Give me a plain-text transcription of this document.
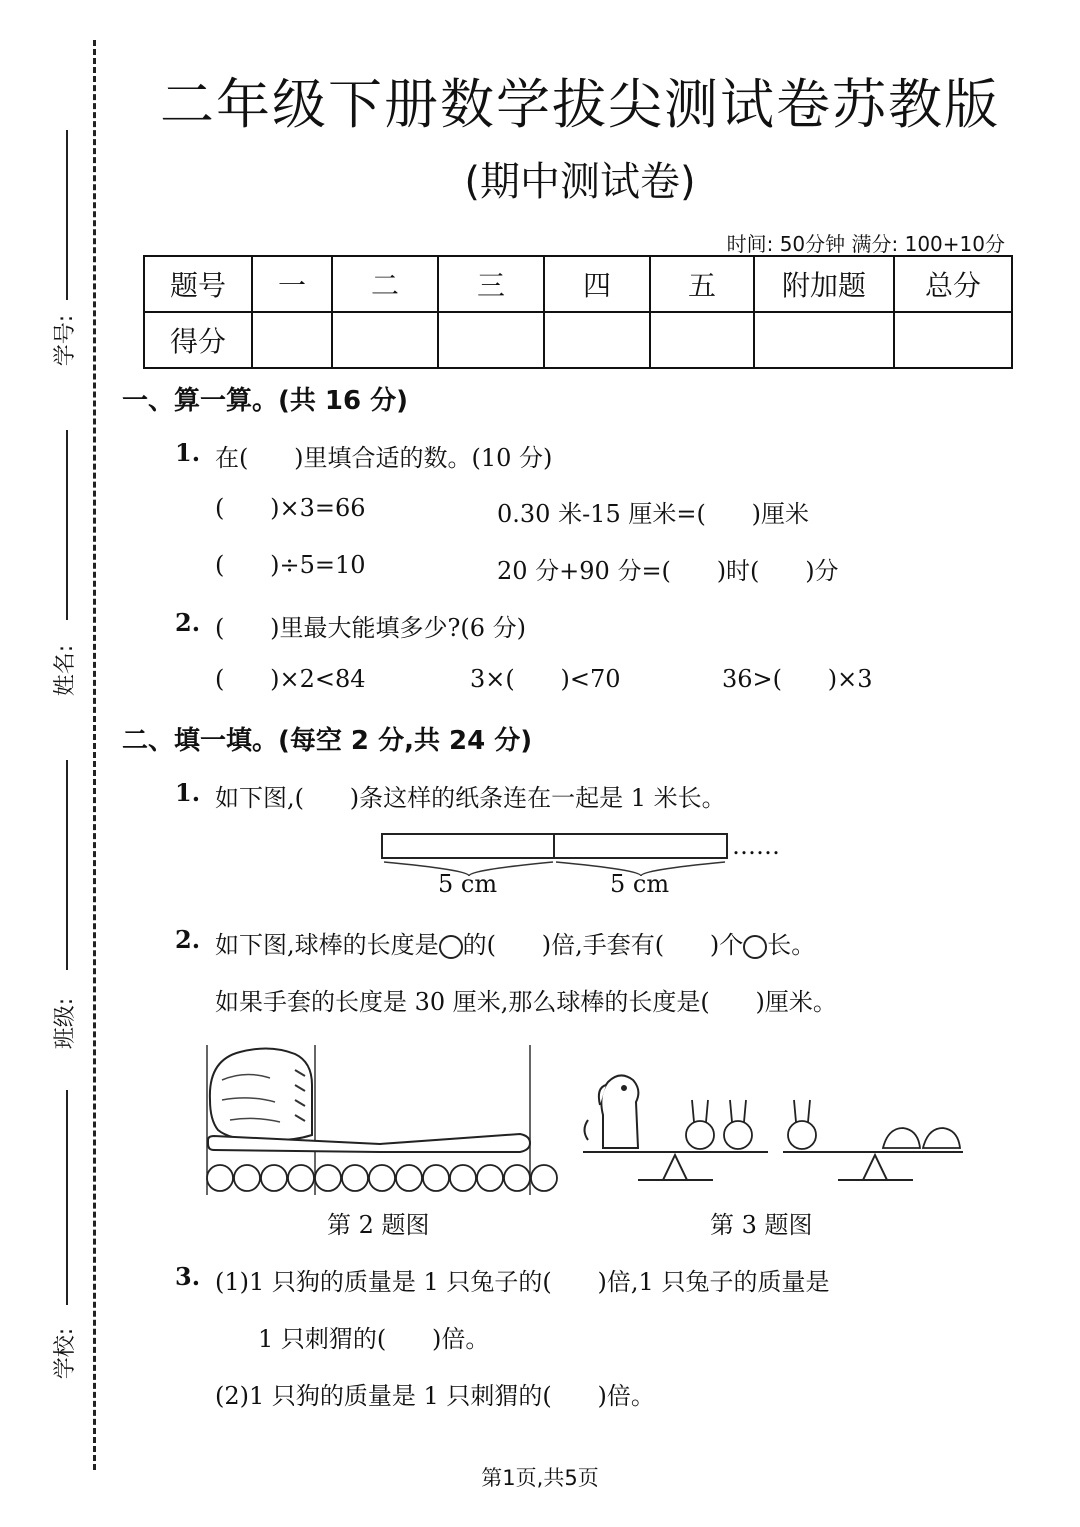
学号:
姓名:
班级:
学校:
二年级下册数学拔尖测试卷苏教版
(期中测试卷)
时间: 50分钟 满分: 100+10分
题号	一	二	三	四	五	附加题	总分
得分							
一、算一算。(共 16 分)
1. 在(      )里填合适的数。(10 分)
(      )×3=66	0.30 米-15 厘米=(      )厘米
(      )÷5=10	20 分+90 分=(      )时(      )分
2. (      )里最大能填多少?(6 分)
(      )×2<84	3×(      )<70	36>(      )×3
二、填一填。(每空 2 分,共 24 分)
1. 如下图,(      )条这样的纸条连在一起是 1 米长。
……
5 cm	5 cm
2. 如下图,球棒的长度是 的(      )倍,手套有(      )个 长。
如果手套的长度是 30 厘米,那么球棒的长度是(      )厘米。
第 2 题图	第 3 题图
3. (1)1 只狗的质量是 1 只兔子的(      )倍,1 只兔子的质量是
1 只刺猬的(      )倍。
(2)1 只狗的质量是 1 只刺猬的(      )倍。
第1页,共5页
